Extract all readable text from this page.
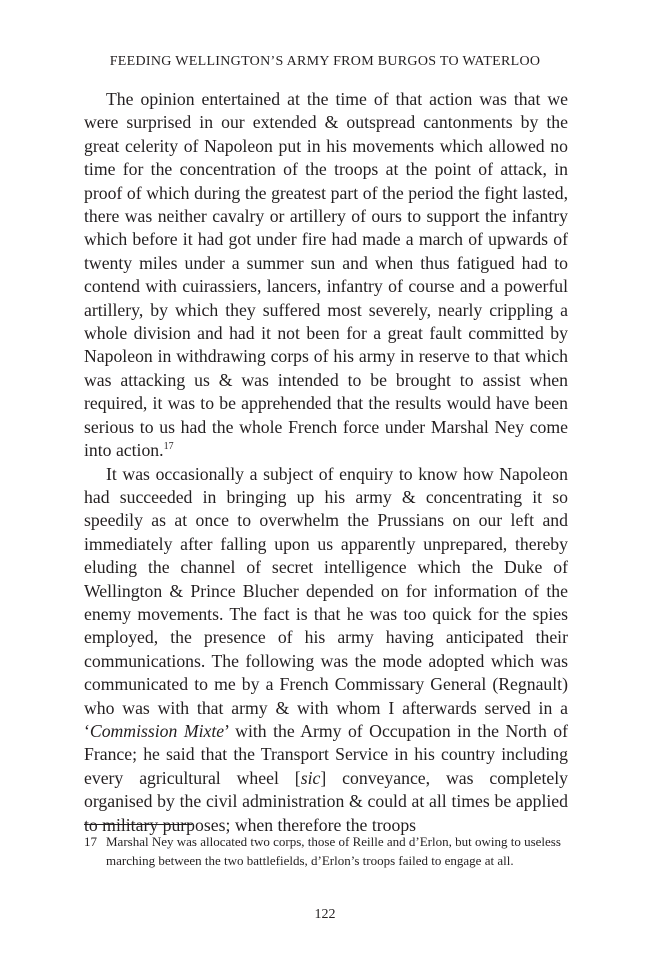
FEEDING WELLINGTON’S ARMY FROM BURGOS TO WATERLOO

The opinion entertained at the time of that action was that we were surprised in our extended & outspread cantonments by the great celerity of Napoleon put in his movements which allowed no time for the concentration of the troops at the point of attack, in proof of which during the greatest part of the period the fight lasted, there was neither cavalry or artillery of ours to support the infantry which before it had got under fire had made a march of upwards of twenty miles under a summer sun and when thus fatigued had to contend with cuirassiers, lancers, infantry of course and a powerful artillery, by which they suffered most severely, nearly crippling a whole division and had it not been for a great fault committed by Napoleon in withdrawing corps of his army in reserve to that which was attacking us & was intended to be brought to assist when required, it was to be apprehended that the results would have been serious to us had the whole French force under Marshal Ney come into action.$^{17}$

It was occasionally a subject of enquiry to know how Napoleon had succeeded in bringing up his army & concentrating it so speedily as at once to overwhelm the Prussians on our left and immediately after falling upon us apparently unprepared, thereby eluding the channel of secret intelligence which the Duke of Wellington & Prince Blucher depended on for information of the enemy movements. The fact is that he was too quick for the spies employed, the presence of his army having anticipated their communications. The following was the mode adopted which was communicated to me by a French Commissary General (Regnault) who was with that army & with whom I afterwards served in a ‘Commission Mixte’ with the Army of Occupation in the North of France; he said that the Transport Service in his country including every agricultural wheel [sic] conveyance, was completely organised by the civil administration & could at all times be applied to military purposes; when therefore the troops

17 Marshal Ney was allocated two corps, those of Reille and d’Erlon, but owing to useless marching between the two battlefields, d’Erlon’s troops failed to engage at all.
122
